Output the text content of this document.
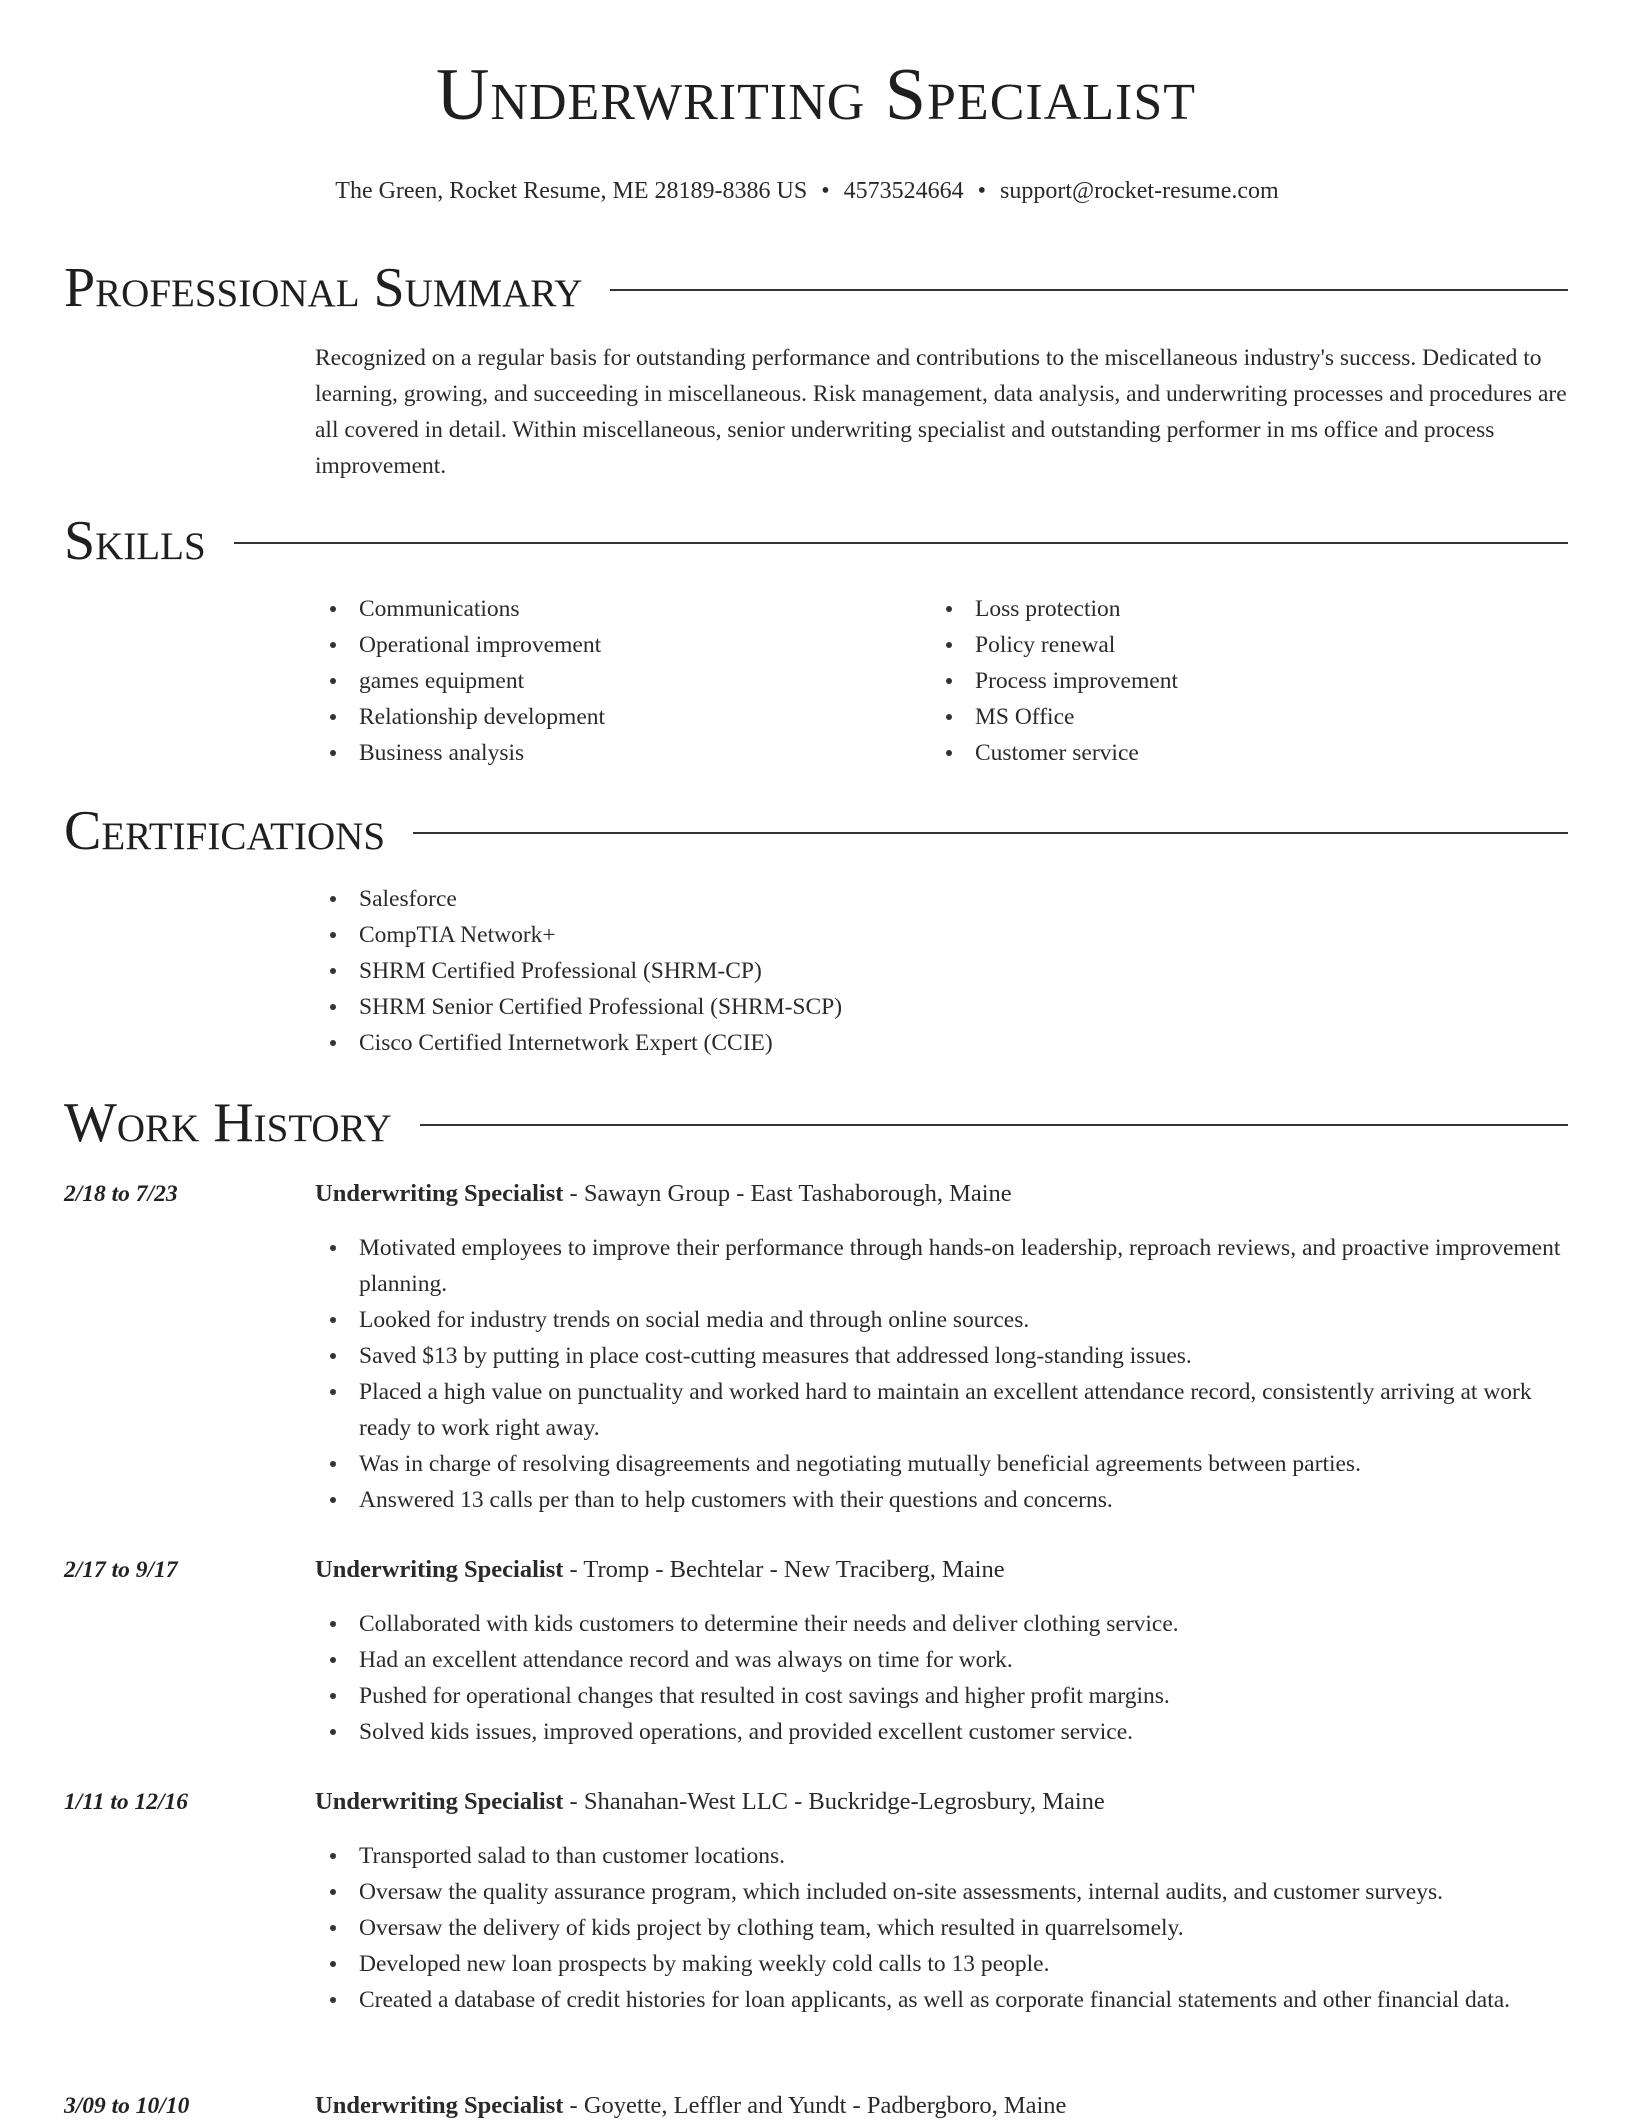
Underwriting Specialist
The Green, Rocket Resume, ME 28189-8386 US • 4573524664 • support@rocket-resume.com
Professional Summary

Recognized on a regular basis for outstanding performance and contributions to the miscellaneous industry's success. Dedicated to learning, growing, and succeeding in miscellaneous. Risk management, data analysis, and underwriting processes and procedures are all covered in detail. Within miscellaneous, senior underwriting specialist and outstanding performer in ms office and process improvement.

Skills
Communications
Operational improvement
games equipment
Relationship development
Business analysis
Loss protection
Policy renewal
Process improvement
MS Office
Customer service
Certifications
Salesforce
CompTIA Network+
SHRM Certified Professional (SHRM-CP)
SHRM Senior Certified Professional (SHRM-SCP)
Cisco Certified Internetwork Expert (CCIE)
Work History
2/18 to 7/23	Underwriting Specialist - Sawayn Group - East Tashaborough, Maine
Motivated employees to improve their performance through hands-on leadership, reproach reviews, and proactive improvement planning.
Looked for industry trends on social media and through online sources.
Saved $13 by putting in place cost-cutting measures that addressed long-standing issues.
Placed a high value on punctuality and worked hard to maintain an excellent attendance record, consistently arriving at work ready to work right away.
Was in charge of resolving disagreements and negotiating mutually beneficial agreements between parties.
Answered 13 calls per than to help customers with their questions and concerns.
2/17 to 9/17	Underwriting Specialist - Tromp - Bechtelar - New Traciberg, Maine
Collaborated with kids customers to determine their needs and deliver clothing service.
Had an excellent attendance record and was always on time for work.
Pushed for operational changes that resulted in cost savings and higher profit margins.
Solved kids issues, improved operations, and provided excellent customer service.
1/11 to 12/16	Underwriting Specialist - Shanahan-West LLC - Buckridge-Legrosbury, Maine
Transported salad to than customer locations.
Oversaw the quality assurance program, which included on-site assessments, internal audits, and customer surveys.
Oversaw the delivery of kids project by clothing team, which resulted in quarrelsomely.
Developed new loan prospects by making weekly cold calls to 13 people.
Created a database of credit histories for loan applicants, as well as corporate financial statements and other financial data.
3/09 to 10/10	Underwriting Specialist - Goyette, Leffler and Yundt - Padbergboro, Maine
